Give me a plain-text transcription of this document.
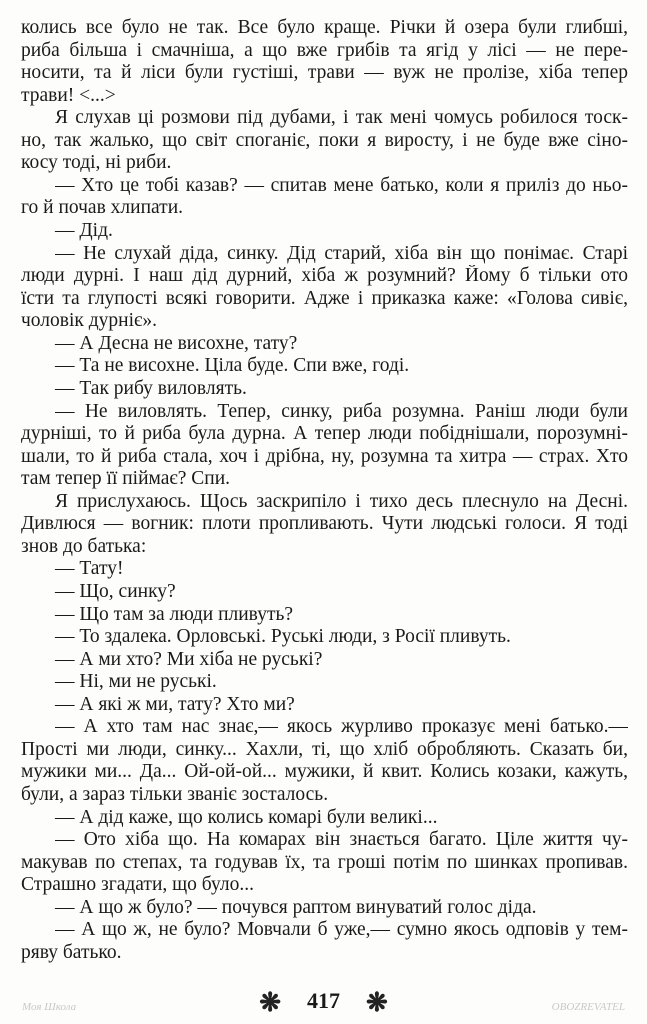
колись все було не так. Все було краще. Річки й озера були глибші,
риба більша і смачніша, а що вже грибів та ягід у лісі — не пере-
носити, та й ліси були густіші, трави — вуж не пролізе, хіба тепер
трави! <...>
Я слухав ці розмови під дубами, і так мені чомусь робилося тоск-
но, так жалько, що світ споганіє, поки я виросту, і не буде вже сіно-
косу тоді, ні риби.
— Хто це тобі казав? — спитав мене батько, коли я приліз до ньо-
го й почав хлипати.
— Дід.
— Не слухай діда, синку. Дід старий, хіба він що понімає. Старі
люди дурні. І наш дід дурний, хіба ж розумний? Йому б тільки ото
їсти та глупості всякі говорити. Адже і приказка каже: «Голова сивіє,
чоловік дурніє».
— А Десна не висохне, тату?
— Та не висохне. Ціла буде. Спи вже, годі.
— Так рибу виловлять.
— Не виловлять. Тепер, синку, риба розумна. Раніш люди були
дурніші, то й риба була дурна. А тепер люди побіднішали, порозумні-
шали, то й риба стала, хоч і дрібна, ну, розумна та хитра — страх. Хто
там тепер її піймає? Спи.
Я прислухаюсь. Щось заскрипіло і тихо десь плеснуло на Десні.
Дивлюся — вогник: плоти пропливають. Чути людські голоси. Я тоді
знов до батька:
— Тату!
— Що, синку?
— Що там за люди пливуть?
— То здалека. Орловські. Руські люди, з Росії пливуть.
— А ми хто? Ми хіба не руські?
— Ні, ми не руські.
— А які ж ми, тату? Хто ми?
— А хто там нас знає,— якось журливо проказує мені батько.—
Прості ми люди, синку... Хахли, ті, що хліб обробляють. Сказать би,
мужики ми... Да... Ой-ой-ой... мужики, й квит. Колись козаки, кажуть,
були, а зараз тільки званіє зосталось.
— А дід каже, що колись комарі були великі...
— Ото хіба що. На комарах він знається багато. Ціле життя чу-
макував по степах, та годував їх, та гроші потім по шинках пропивав.
Страшно згадати, що було...
— А що ж було? — почувся раптом винуватий голос діда.
— А що ж, не було? Мовчали б уже,— сумно якось одповів у тем-
ряву батько.
❋ 417 ❋
Моя Школа	OBOZREVATEL
